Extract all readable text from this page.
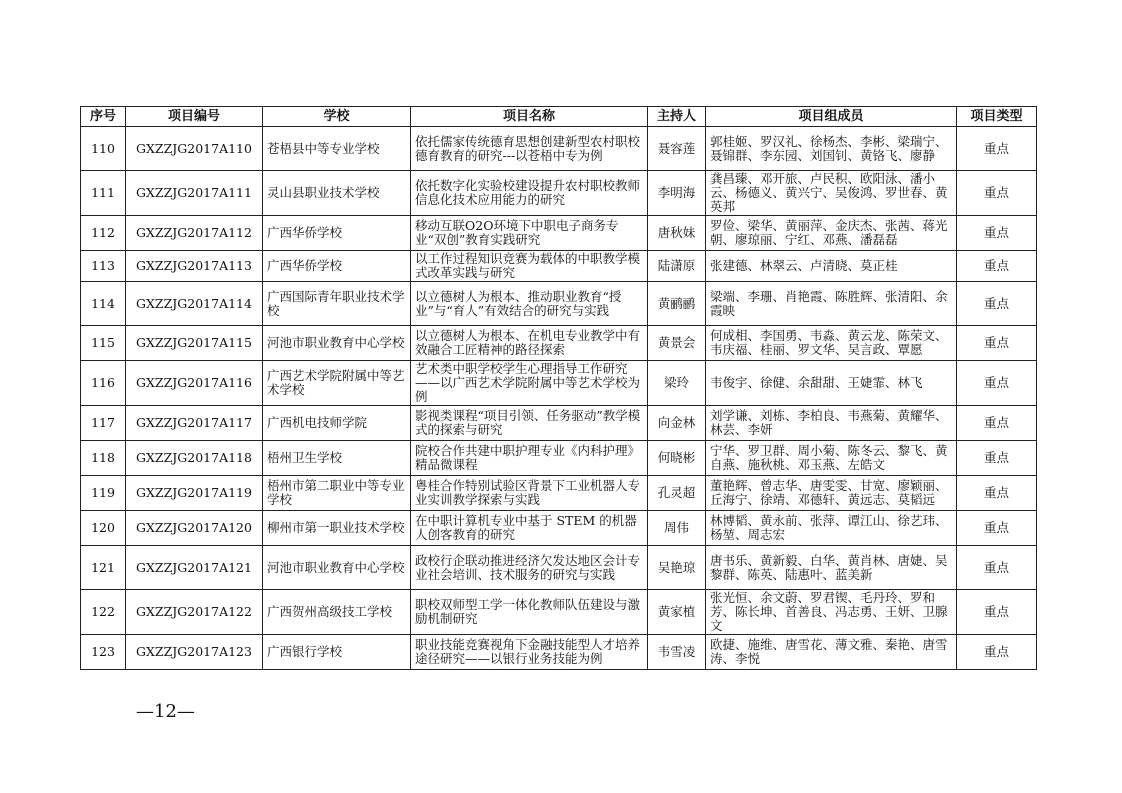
序号	项目编号	学校	项目名称	主持人	项目组成员	项目类型
110	GXZZJG2017A110	苍梧县中等专业学校	依托儒家传统德育思想创建新型农村职校德育教育的研究---以苍梧中专为例	聂容莲	郭桂姬、罗汉礼、徐杨杰、李彬、梁瑞宁、聂锦群、李东园、刘国钊、黄铬飞、廖静	重点
111	GXZZJG2017A111	灵山县职业技术学校	依托数字化实验校建设提升农村职校教师信息化技术应用能力的研究	李明海	龚昌臻、邓开旅、卢民积、欧阳泳、潘小云、杨德义、黄兴宁、吴俊鸿、罗世春、黄英邦	重点
112	GXZZJG2017A112	广西华侨学校	移动互联O2O环境下中职电子商务专业“双创”教育实践研究	唐秋妹	罗俭、梁华、黄丽萍、金庆杰、张茜、蒋光朝、廖琼丽、宁红、邓燕、潘磊磊	重点
113	GXZZJG2017A113	广西华侨学校	以工作过程知识竞赛为载体的中职教学模式改革实践与研究	陆潇原	张建德、林翠云、卢清晓、莫正桂	重点
114	GXZZJG2017A114	广西国际青年职业技术学校	以立德树人为根本、推动职业教育“授业”与“育人”有效结合的研究与实践	黄鹂鹂	梁端、李珊、肖艳霞、陈胜辉、张清阳、余霞映	重点
115	GXZZJG2017A115	河池市职业教育中心学校	以立德树人为根本、在机电专业教学中有效融合工匠精神的路径探索	黄景会	何成相、李国勇、韦淼、黄云龙、陈荣文、韦庆福、桂丽、罗文华、吴言政、覃愿	重点
116	GXZZJG2017A116	广西艺术学院附属中等艺术学校	艺术类中职学校学生心理指导工作研究——以广西艺术学院附属中等艺术学校为例	梁玲	韦俊宇、徐健、余甜甜、王婕霏、林飞	重点
117	GXZZJG2017A117	广西机电技师学院	影视类课程“项目引领、任务驱动”教学模式的探索与研究	向金林	刘学谦、刘栋、李柏良、韦燕菊、黄耀华、林芸、李妍	重点
118	GXZZJG2017A118	梧州卫生学校	院校合作共建中职护理专业《内科护理》精品微课程	何晓彬	宁华、罗卫群、周小菊、陈冬云、黎飞、黄自燕、施秋桃、邓玉燕、左皓文	重点
119	GXZZJG2017A119	梧州市第二职业中等专业学校	粤桂合作特别试验区背景下工业机器人专业实训教学探索与实践	孔灵超	董艳辉、曾志华、唐雯雯、甘宽、廖颖丽、丘海宁、徐靖、邓德轩、黄远志、莫韬远	重点
120	GXZZJG2017A120	柳州市第一职业技术学校	在中职计算机专业中基于 STEM 的机器人创客教育的研究	周伟	林博韬、黄永前、张萍、谭江山、徐艺玮、杨堃、周志宏	重点
121	GXZZJG2017A121	河池市职业教育中心学校	政校行企联动推进经济欠发达地区会计专业社会培训、技术服务的研究与实践	吴艳琼	唐书乐、黄新毅、白华、黄肖林、唐婕、吴黎群、陈英、陆惠叶、蓝美新	重点
122	GXZZJG2017A122	广西贺州高级技工学校	职校双师型工学一体化教师队伍建设与激励机制研究	黄家植	张光恒、余文蔚、罗君锲、毛丹玲、罗和芳、陈长坤、首善良、冯志勇、王妍、卫腺文	重点
123	GXZZJG2017A123	广西银行学校	职业技能竞赛视角下金融技能型人才培养途径研究——以银行业务技能为例	韦雪凌	欧捷、施维、唐雪花、薄文雅、秦艳、唐雪涛、李悦	重点
—12—
